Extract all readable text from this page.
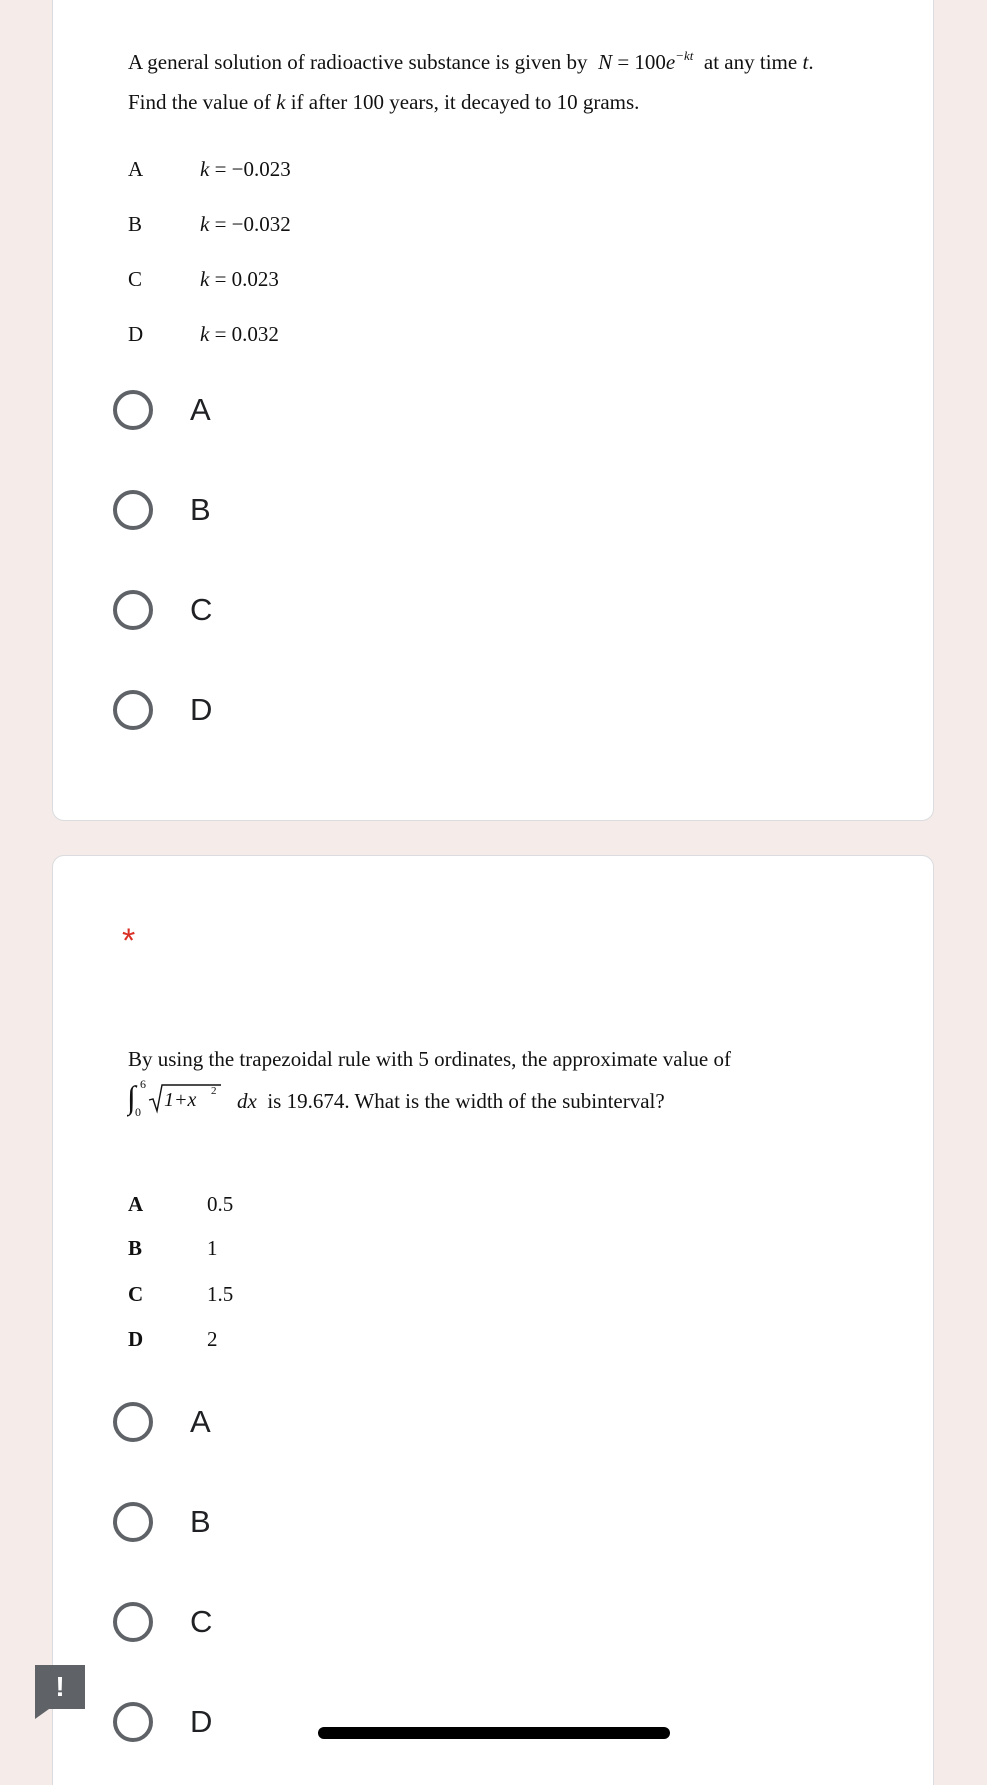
A general solution of radioactive substance is given by $N = 100e^{-kt}$ at any time t.
Find the value of k if after 100 years, it decayed to 10 grams.
A	k = −0.023
B	k = −0.032
C	k = 0.023
D	k = 0.032
A
B
C
D
*
By using the trapezoidal rule with 5 ordinates, the approximate value of
∫ 6
0
1+x 2 dx is 19.674. What is the width of the subinterval?
A	0.5
B	1
C	1.5
D	2
A
B
C
D
!
